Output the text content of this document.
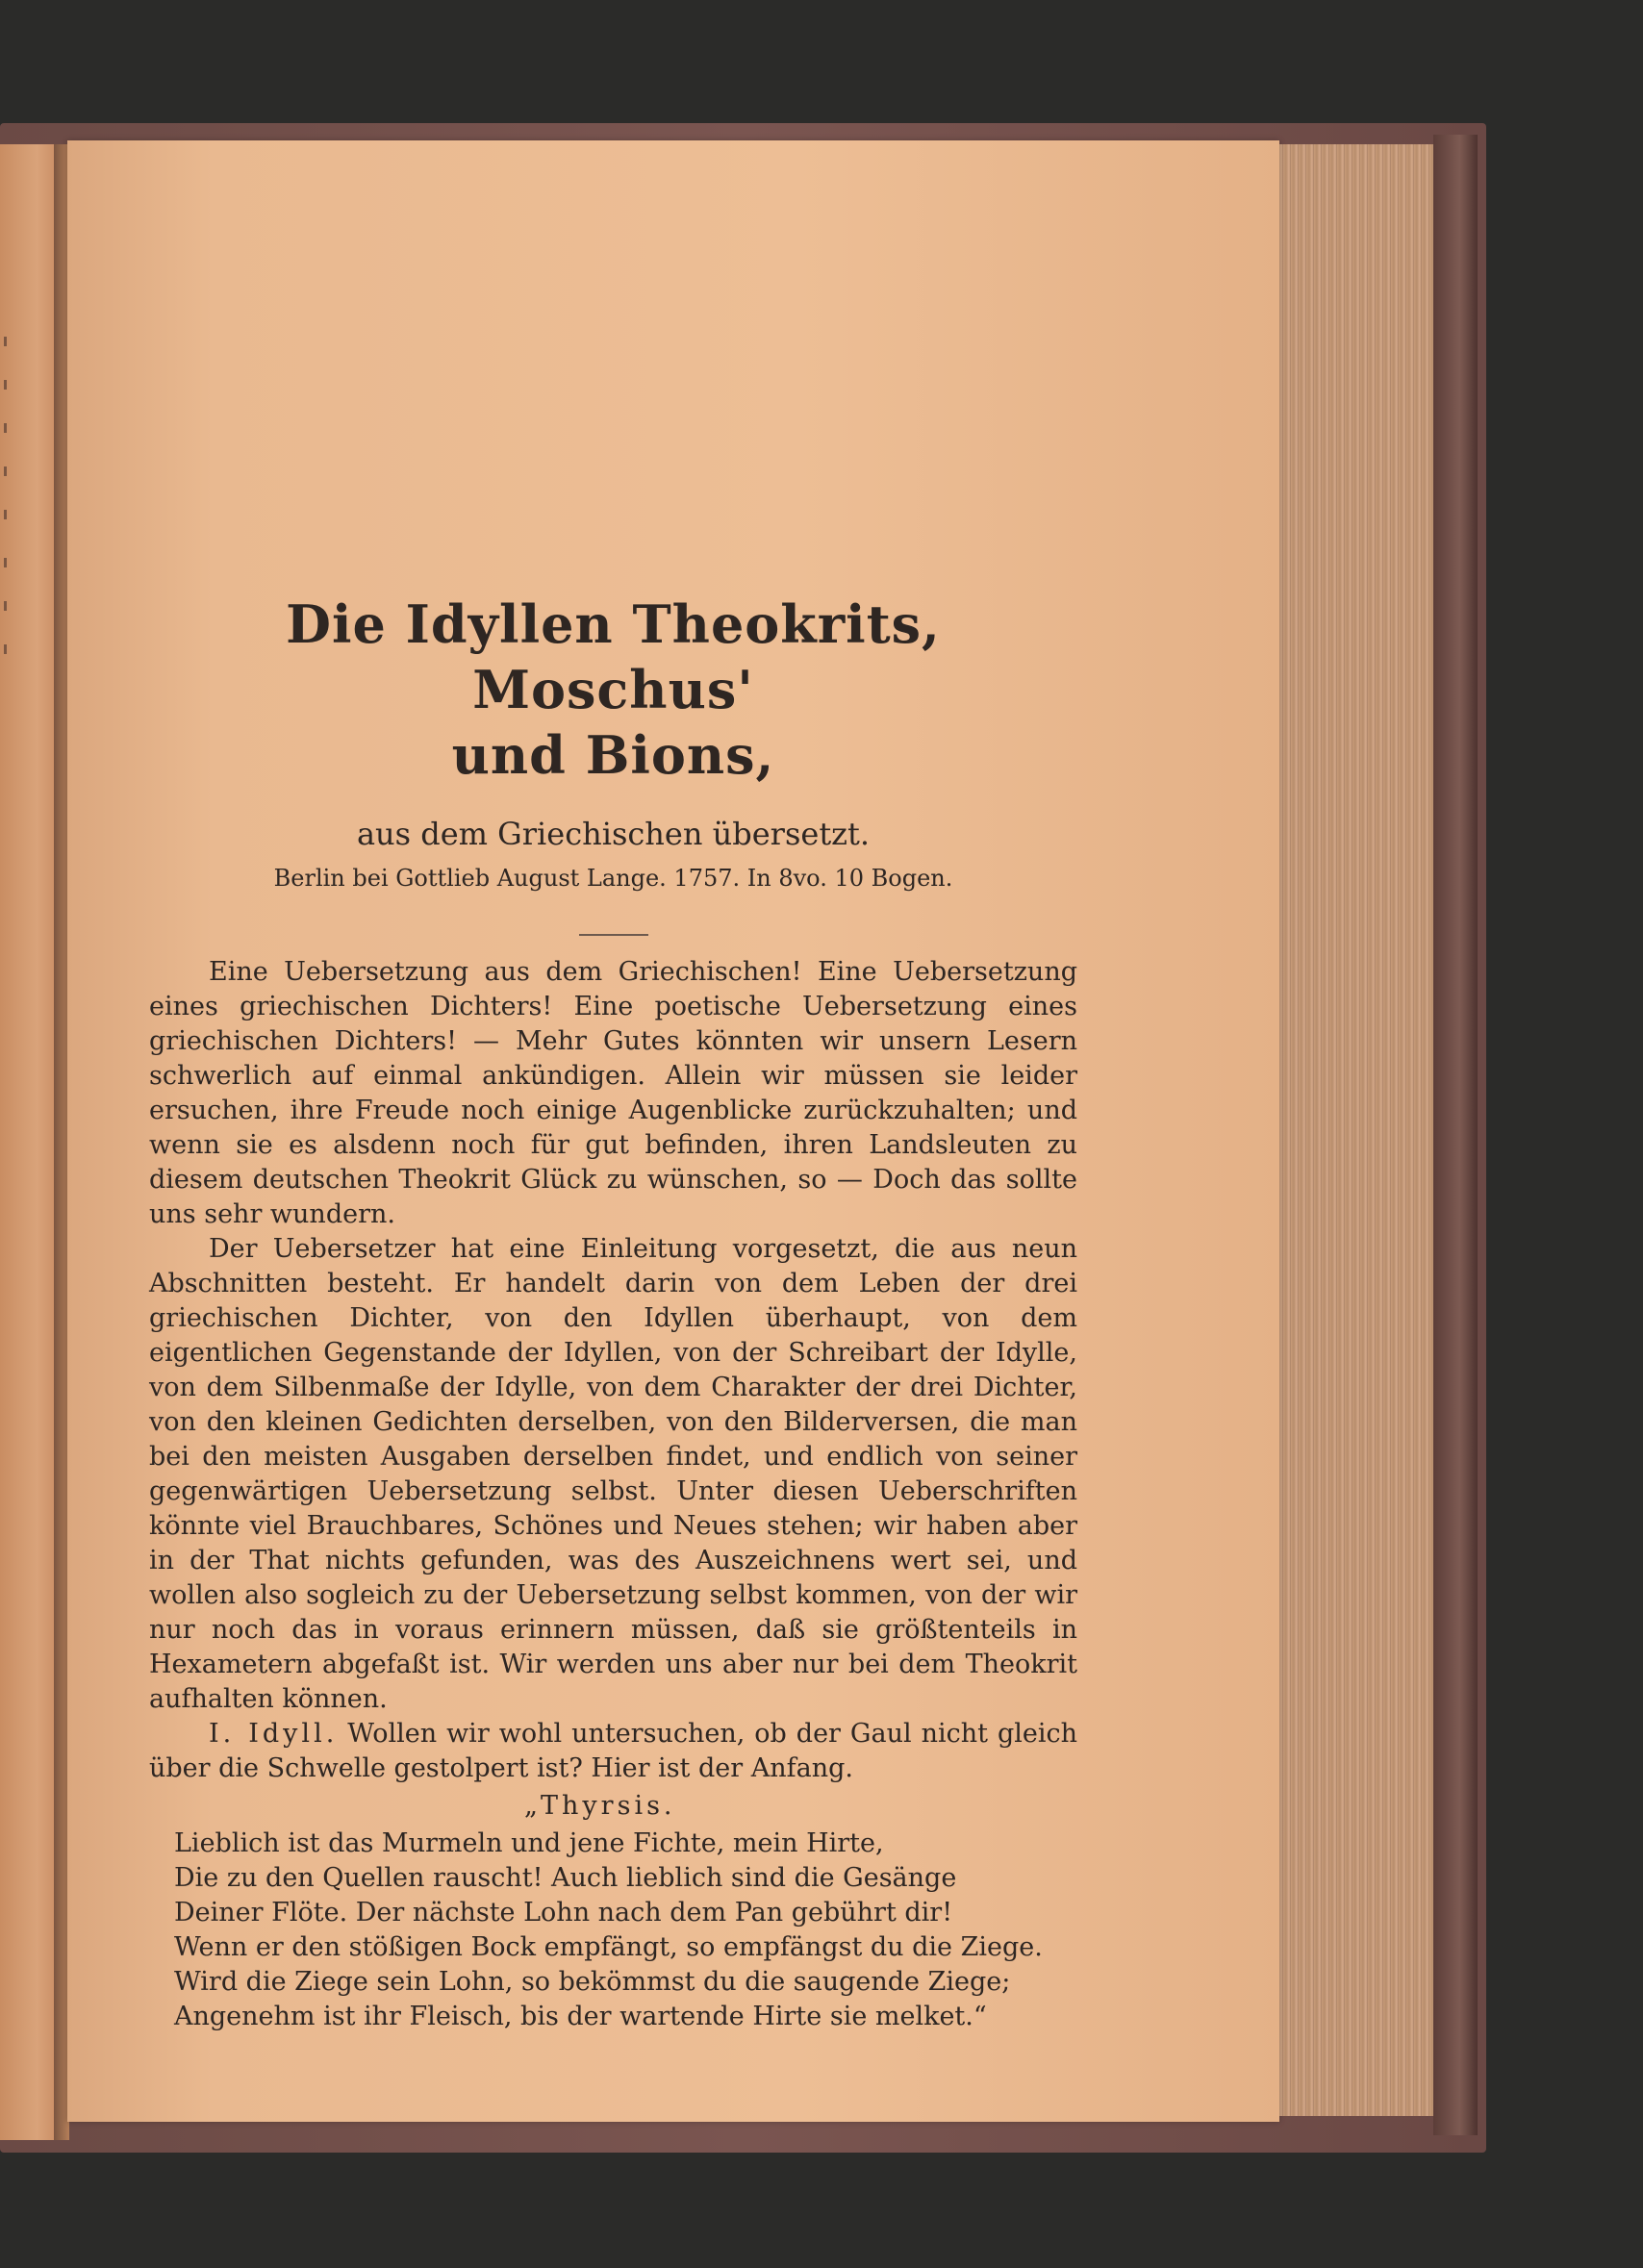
Die Idyllen Theokrits, Moschus'
und Bions,
aus dem Griechischen übersetzt.
Berlin bei Gottlieb August Lange. 1757. In 8vo. 10 Bogen.

Eine Uebersetzung aus dem Griechischen! Eine Uebersetzung eines griechischen Dichters! Eine poetische Uebersetzung eines griechischen Dichters! — Mehr Gutes könnten wir unsern Lesern schwerlich auf einmal ankündigen. Allein wir müssen sie leider ersuchen, ihre Freude noch einige Augenblicke zurückzuhalten; und wenn sie es alsdenn noch für gut befinden, ihren Landsleuten zu diesem deutschen Theokrit Glück zu wünschen, so — Doch das sollte uns sehr wundern.

Der Uebersetzer hat eine Einleitung vorgesetzt, die aus neun Abschnitten besteht. Er handelt darin von dem Leben der drei griechischen Dichter, von den Idyllen überhaupt, von dem eigentlichen Gegenstande der Idyllen, von der Schreibart der Idylle, von dem Silbenmaße der Idylle, von dem Charakter der drei Dichter, von den kleinen Gedichten derselben, von den Bilderversen, die man bei den meisten Ausgaben derselben findet, und endlich von seiner gegenwärtigen Uebersetzung selbst. Unter diesen Ueberschriften könnte viel Brauchbares, Schönes und Neues stehen; wir haben aber in der That nichts gefunden, was des Auszeichnens wert sei, und wollen also sogleich zu der Uebersetzung selbst kommen, von der wir nur noch das in voraus erinnern müssen, daß sie größtenteils in Hexametern abgefaßt ist. Wir werden uns aber nur bei dem Theokrit aufhalten können.

I. Idyll. Wollen wir wohl untersuchen, ob der Gaul nicht gleich über die Schwelle gestolpert ist? Hier ist der Anfang.

„Thyrsis.
Lieblich ist das Murmeln und jene Fichte, mein Hirte,
Die zu den Quellen rauscht! Auch lieblich sind die Gesänge
Deiner Flöte. Der nächste Lohn nach dem Pan gebührt dir!
Wenn er den stößigen Bock empfängt, so empfängst du die Ziege.
Wird die Ziege sein Lohn, so bekömmst du die saugende Ziege;
Angenehm ist ihr Fleisch, bis der wartende Hirte sie melket.“
